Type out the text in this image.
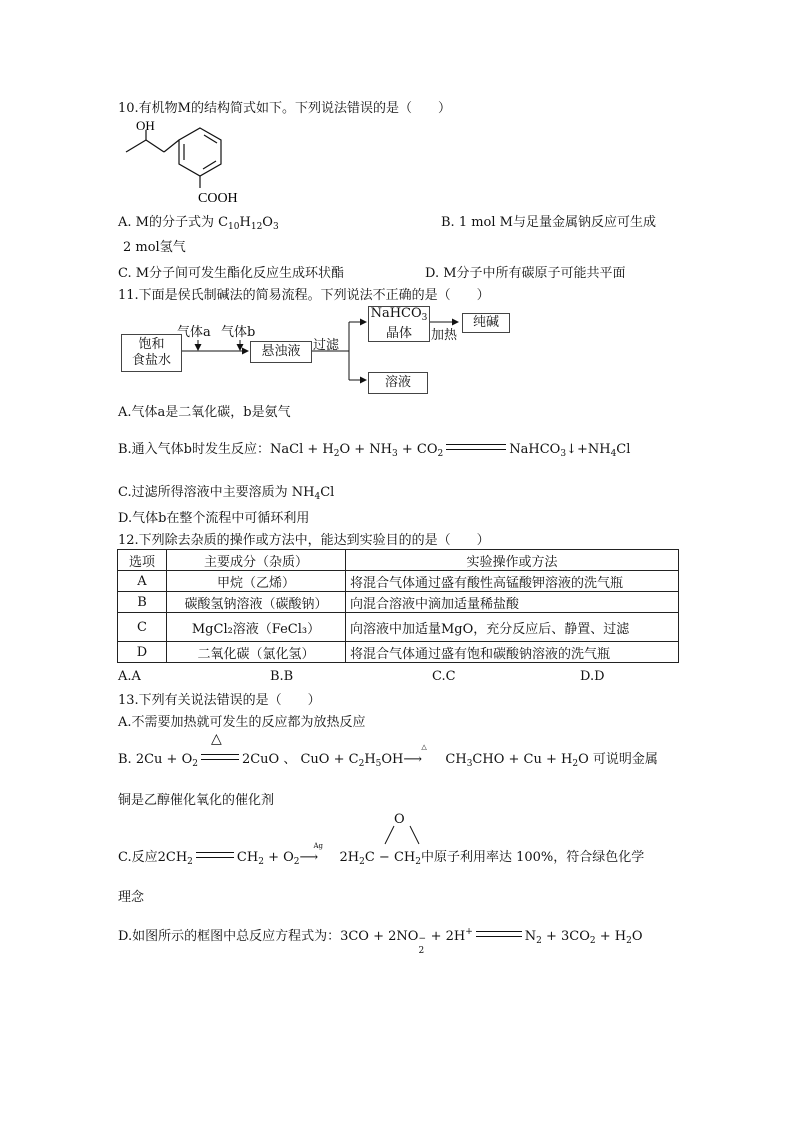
10.有机物M的结构简式如下。下列说法错误的是（　　）
OH
COOH
A. M的分子式为 $C_{10}H_{12}O_3$	B. 1 mol M与足量金属钠反应可生成
2 mol氢气
C. M分子间可发生酯化反应生成环状酯	D. M分子中所有碳原子可能共平面
11.下面是侯氏制碱法的简易流程。下列说法不正确的是（　　）
饱和
食盐水
气体a 气体b
悬浊液 过滤
NaHCO$_3$
晶体	加热
纯碱
溶液
A.气体a是二氧化碳，b是氨气
B.通入气体b时发生反应：NaCl + $H_2O + NH_3 + CO_2$	$NaHCO_3↓+NH_4Cl$
C.过滤所得溶液中主要溶质为 $NH_4Cl$
D.气体b在整个流程中可循环利用
12.下列除去杂质的操作或方法中，能达到实验目的的是（　　）
选项	主要成分（杂质）	实验操作或方法
A	甲烷（乙烯）	将混合气体通过盛有酸性高锰酸钾溶液的洗气瓶
B	碳酸氢钠溶液（碳酸钠）	向混合溶液中滴加适量稀盐酸
C	MgCl₂溶液（FeCl₃）	向溶液中加适量MgO，充分反应后、静置、过滤
D	二氧化碳（氯化氢）	将混合气体通过盛有饱和碳酸钠溶液的洗气瓶
A.A	B.B	C.C	D.D
13.下列有关说法错误的是（　　）
A.不需要加热就可发生的反应都为放热反应
△
B. $2Cu + O_2$	2CuO 、 CuO + $C_2H_5OH$
△
⟶ $CH_3CHO + Cu + H_2O$ 可说明金属
铜是乙醇催化氧化的催化剂
O
C.反应$2CH_2$	$CH_2 + O_2$
Ag
⟶ $2H_2C - CH_2$中原子利用率达 100%，符合绿色化学
理念
D.如图所示的框图中总反应方程式为：3CO + 2NO −
2
+ 2H+	$N_2 + 3CO_2 + H_2O$
